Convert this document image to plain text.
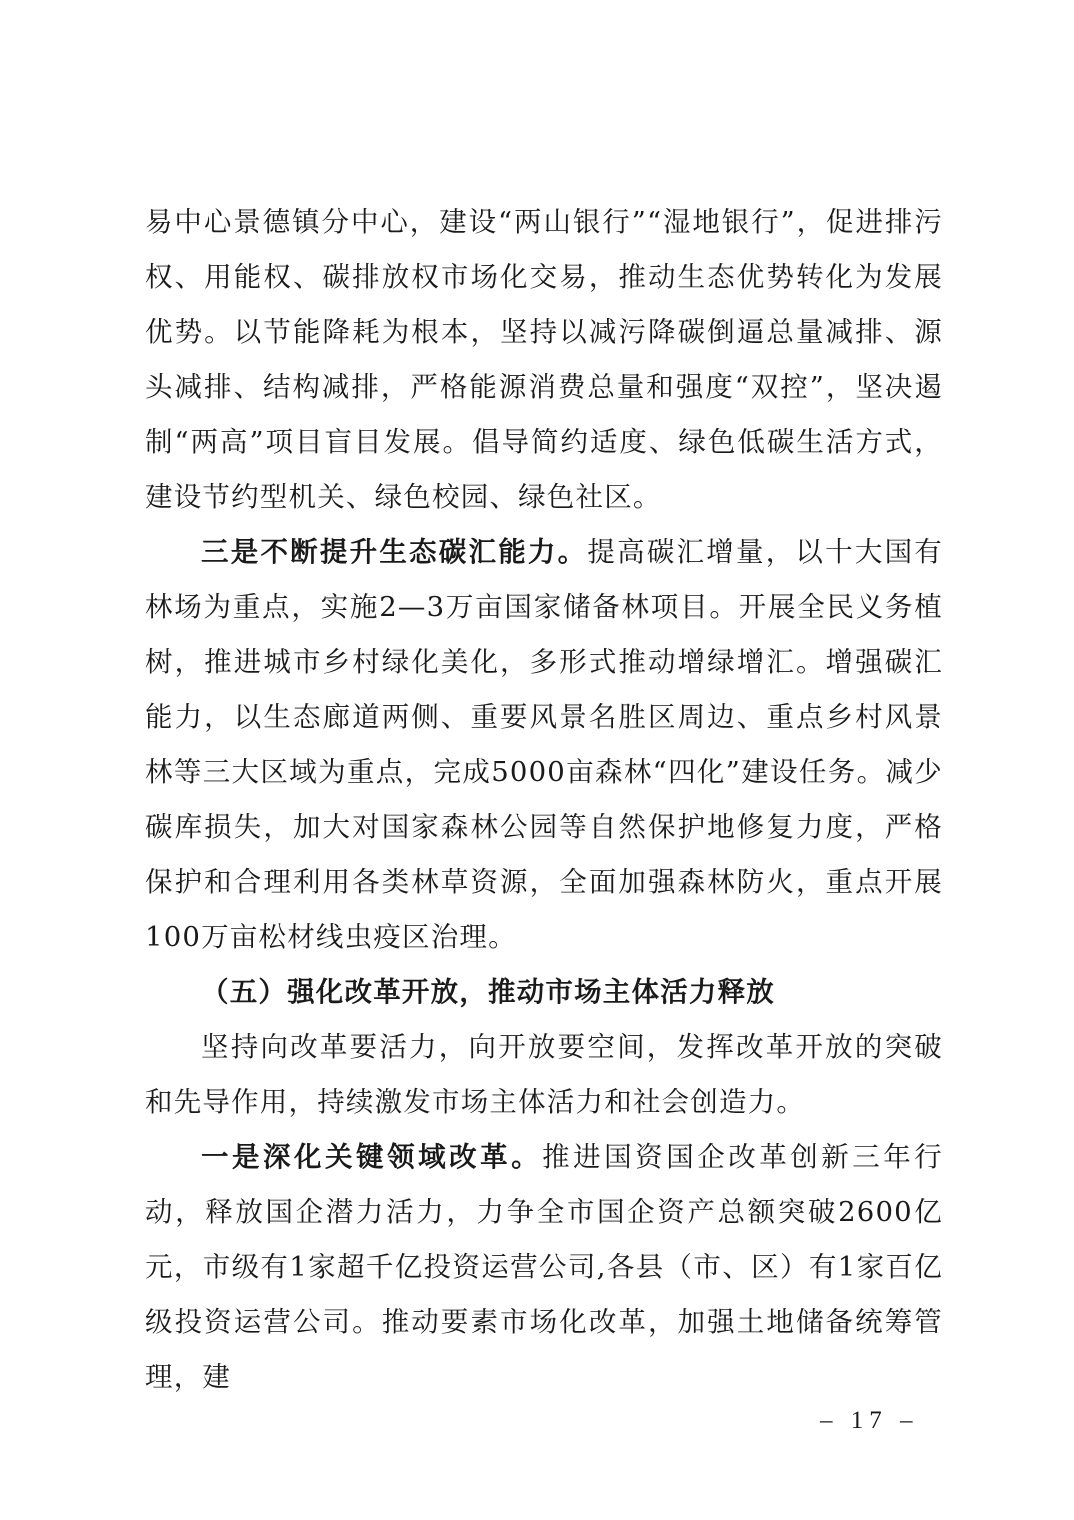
易中心景德镇分中心，建设“两山银行”“湿地银行”，促进排污权、用能权、碳排放权市场化交易，推动生态优势转化为发展优势。以节能降耗为根本，坚持以减污降碳倒逼总量减排、源头减排、结构减排，严格能源消费总量和强度“双控”，坚决遏制“两高”项目盲目发展。倡导简约适度、绿色低碳生活方式，建设节约型机关、绿色校园、绿色社区。

三是不断提升生态碳汇能力。提高碳汇增量，以十大国有林场为重点，实施2—3万亩国家储备林项目。开展全民义务植树，推进城市乡村绿化美化，多形式推动增绿增汇。增强碳汇能力，以生态廊道两侧、重要风景名胜区周边、重点乡村风景林等三大区域为重点，完成5000亩森林“四化”建设任务。减少碳库损失，加大对国家森林公园等自然保护地修复力度，严格保护和合理利用各类林草资源，全面加强森林防火，重点开展100万亩松材线虫疫区治理。

（五）强化改革开放，推动市场主体活力释放

坚持向改革要活力，向开放要空间，发挥改革开放的突破和先导作用，持续激发市场主体活力和社会创造力。

一是深化关键领域改革。推进国资国企改革创新三年行动，释放国企潜力活力，力争全市国企资产总额突破2600亿元，市级有1家超千亿投资运营公司,各县（市、区）有1家百亿级投资运营公司。推动要素市场化改革，加强土地储备统筹管理，建

– 17 –
